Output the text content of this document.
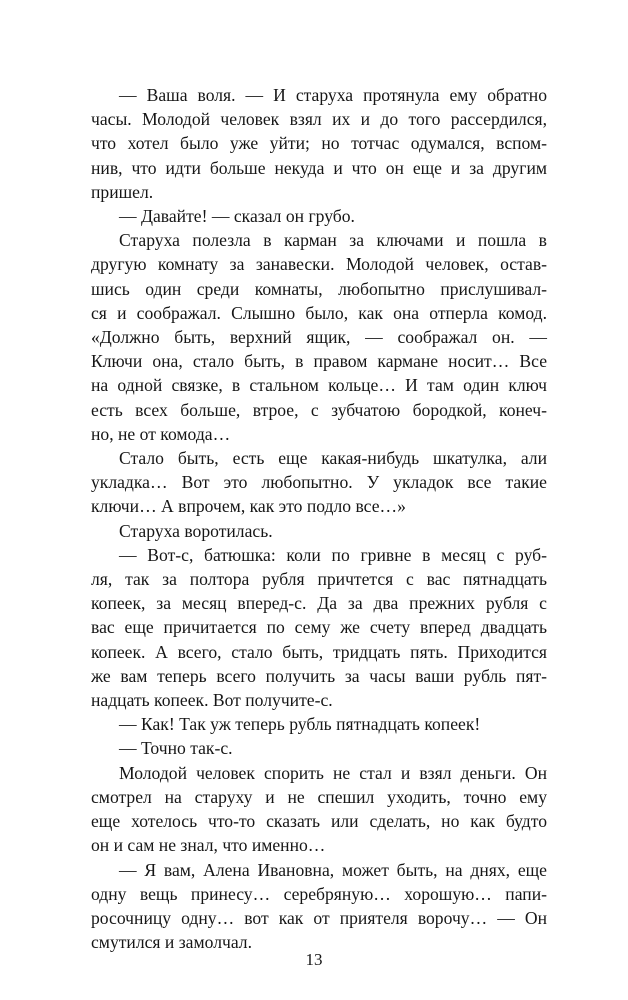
— Ваша воля. — И старуха протянула ему обратно
часы. Молодой человек взял их и до того рассердился,
что хотел было уже уйти; но тотчас одумался, вспом-
нив, что идти больше некуда и что он еще и за другим
пришел.
— Давайте! — сказал он грубо.
Старуха полезла в карман за ключами и пошла в
другую комнату за занавески. Молодой человек, остав-
шись один среди комнаты, любопытно прислушивал-
ся и соображал. Слышно было, как она отперла комод.
«Должно быть, верхний ящик, — соображал он. —
Ключи она, стало быть, в правом кармане носит… Все
на одной связке, в стальном кольце… И там один ключ
есть всех больше, втрое, с зубчатою бородкой, конеч-
но, не от комода…
Стало быть, есть еще какая-нибудь шкатулка, али
укладка… Вот это любопытно. У укладок все такие
ключи… А впрочем, как это подло все…»
Старуха воротилась.
— Вот-с, батюшка: коли по гривне в месяц с руб-
ля, так за полтора рубля причтется с вас пятнадцать
копеек, за месяц вперед-с. Да за два прежних рубля с
вас еще причитается по сему же счету вперед двадцать
копеек. А всего, стало быть, тридцать пять. Приходится
же вам теперь всего получить за часы ваши рубль пят-
надцать копеек. Вот получите-с.
— Как! Так уж теперь рубль пятнадцать копеек!
— Точно так-с.
Молодой человек спорить не стал и взял деньги. Он
смотрел на старуху и не спешил уходить, точно ему
еще хотелось что-то сказать или сделать, но как будто
он и сам не знал, что именно…
— Я вам, Алена Ивановна, может быть, на днях, еще
одну вещь принесу… серебряную… хорошую… папи-
росочницу одну… вот как от приятеля ворочу… — Он
смутился и замолчал.
13
